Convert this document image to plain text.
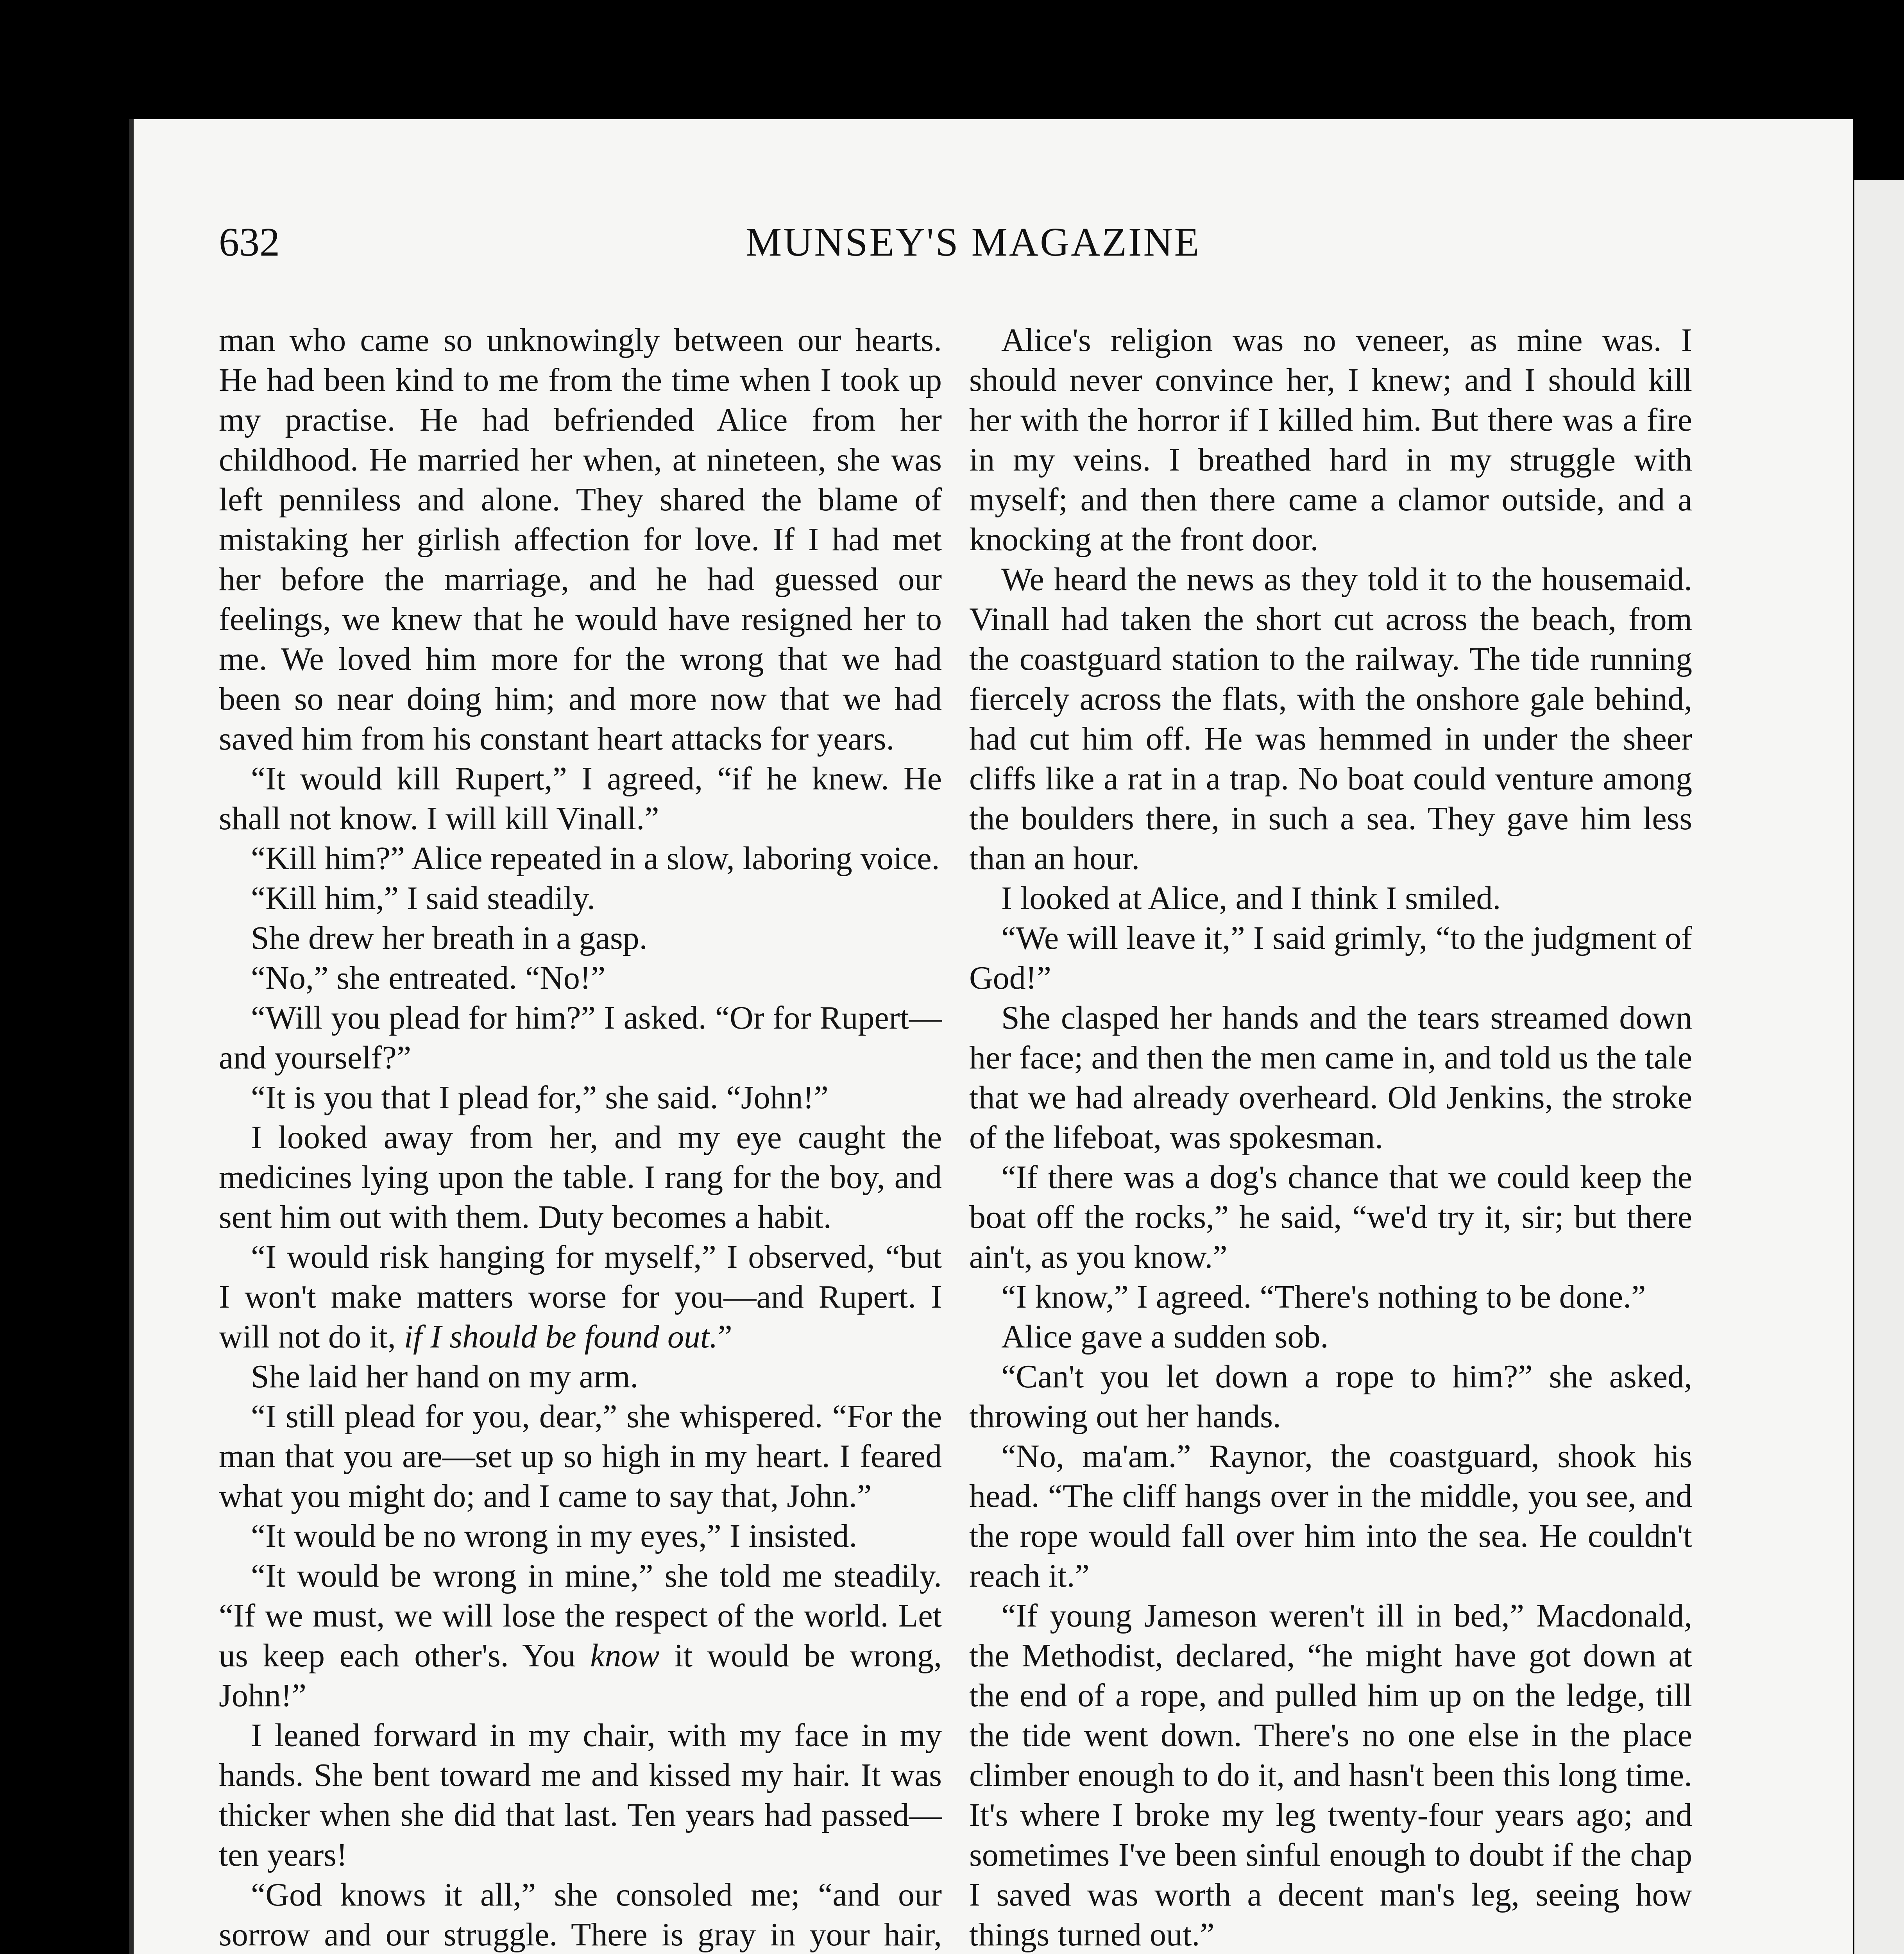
632	MUNSEY'S MAGAZINE

man who came so unknowingly between our hearts. He had been kind to me from the time when I took up my practise. He had befriended Alice from her childhood. He married her when, at nineteen, she was left penniless and alone. They shared the blame of mistaking her girlish affection for love. If I had met her before the marriage, and he had guessed our feelings, we knew that he would have resigned her to me. We loved him more for the wrong that we had been so near doing him; and more now that we had saved him from his constant heart attacks for years.

“It would kill Rupert,” I agreed, “if he knew. He shall not know. I will kill Vinall.”

“Kill him?” Alice repeated in a slow, laboring voice.

“Kill him,” I said steadily.

She drew her breath in a gasp.

“No,” she entreated. “No!”

“Will you plead for him?” I asked. “Or for Rupert—and yourself?”

“It is you that I plead for,” she said. “John!”

I looked away from her, and my eye caught the medicines lying upon the table. I rang for the boy, and sent him out with them. Duty becomes a habit.

“I would risk hanging for myself,” I observed, “but I won't make matters worse for you—and Rupert. I will not do it, if I should be found out.”

She laid her hand on my arm.

“I still plead for you, dear,” she whispered. “For the man that you are—set up so high in my heart. I feared what you might do; and I came to say that, John.”

“It would be no wrong in my eyes,” I insisted.

“It would be wrong in mine,” she told me steadily. “If we must, we will lose the respect of the world. Let us keep each other's. You know it would be wrong, John!”

I leaned forward in my chair, with my face in my hands. She bent toward me and kissed my hair. It was thicker when she did that last. Ten years had passed—ten years!

“God knows it all,” she consoled me; “and our sorrow and our struggle. There is gray in your hair,

Alice's religion was no veneer, as mine was. I should never convince her, I knew; and I should kill her with the horror if I killed him. But there was a fire in my veins. I breathed hard in my struggle with myself; and then there came a clamor outside, and a knocking at the front door.

We heard the news as they told it to the housemaid. Vinall had taken the short cut across the beach, from the coastguard station to the railway. The tide running fiercely across the flats, with the onshore gale behind, had cut him off. He was hemmed in under the sheer cliffs like a rat in a trap. No boat could venture among the boulders there, in such a sea. They gave him less than an hour.

I looked at Alice, and I think I smiled.

“We will leave it,” I said grimly, “to the judgment of God!”

She clasped her hands and the tears streamed down her face; and then the men came in, and told us the tale that we had already overheard. Old Jenkins, the stroke of the lifeboat, was spokesman.

“If there was a dog's chance that we could keep the boat off the rocks,” he said, “we'd try it, sir; but there ain't, as you know.”

“I know,” I agreed. “There's nothing to be done.”

Alice gave a sudden sob.

“Can't you let down a rope to him?” she asked, throwing out her hands.

“No, ma'am.” Raynor, the coastguard, shook his head. “The cliff hangs over in the middle, you see, and the rope would fall over him into the sea. He couldn't reach it.”

“If young Jameson weren't ill in bed,” Macdonald, the Methodist, declared, “he might have got down at the end of a rope, and pulled him up on the ledge, till the tide went down. There's no one else in the place climber enough to do it, and hasn't been this long time. It's where I broke my leg twenty-four years ago; and sometimes I've been sinful enough to doubt if the chap I saved was worth a decent man's leg, seeing how things turned out.”
